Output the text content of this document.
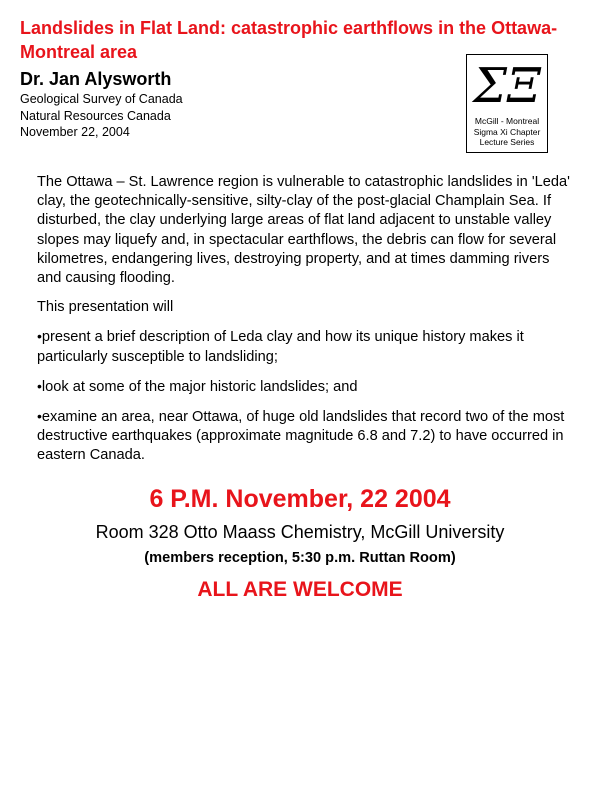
Landslides in Flat Land: catastrophic earthflows in the Ottawa-Montreal area
Dr. Jan Alysworth
Geological Survey of Canada
Natural Resources Canada
November 22, 2004
ΣΞ
McGill - Montreal
Sigma Xi Chapter
Lecture Series

The Ottawa – St. Lawrence region is vulnerable to catastrophic landslides in 'Leda' clay, the geotechnically-sensitive, silty-clay of the post-glacial Champlain Sea. If disturbed, the clay underlying large areas of flat land adjacent to unstable valley slopes may liquefy and, in spectacular earthflows, the debris can flow for several kilometres, endangering lives, destroying property, and at times damming rivers and causing flooding.

This presentation will

•present a brief description of Leda clay and how its unique history makes it particularly susceptible to landsliding;

•look at some of the major historic landslides; and

•examine an area, near Ottawa, of huge old landslides that record two of the most destructive earthquakes (approximate magnitude 6.8 and 7.2) to have occurred in eastern Canada.

6 P.M. November, 22 2004
Room 328 Otto Maass Chemistry, McGill University
(members reception, 5:30 p.m. Ruttan Room)
ALL ARE WELCOME
